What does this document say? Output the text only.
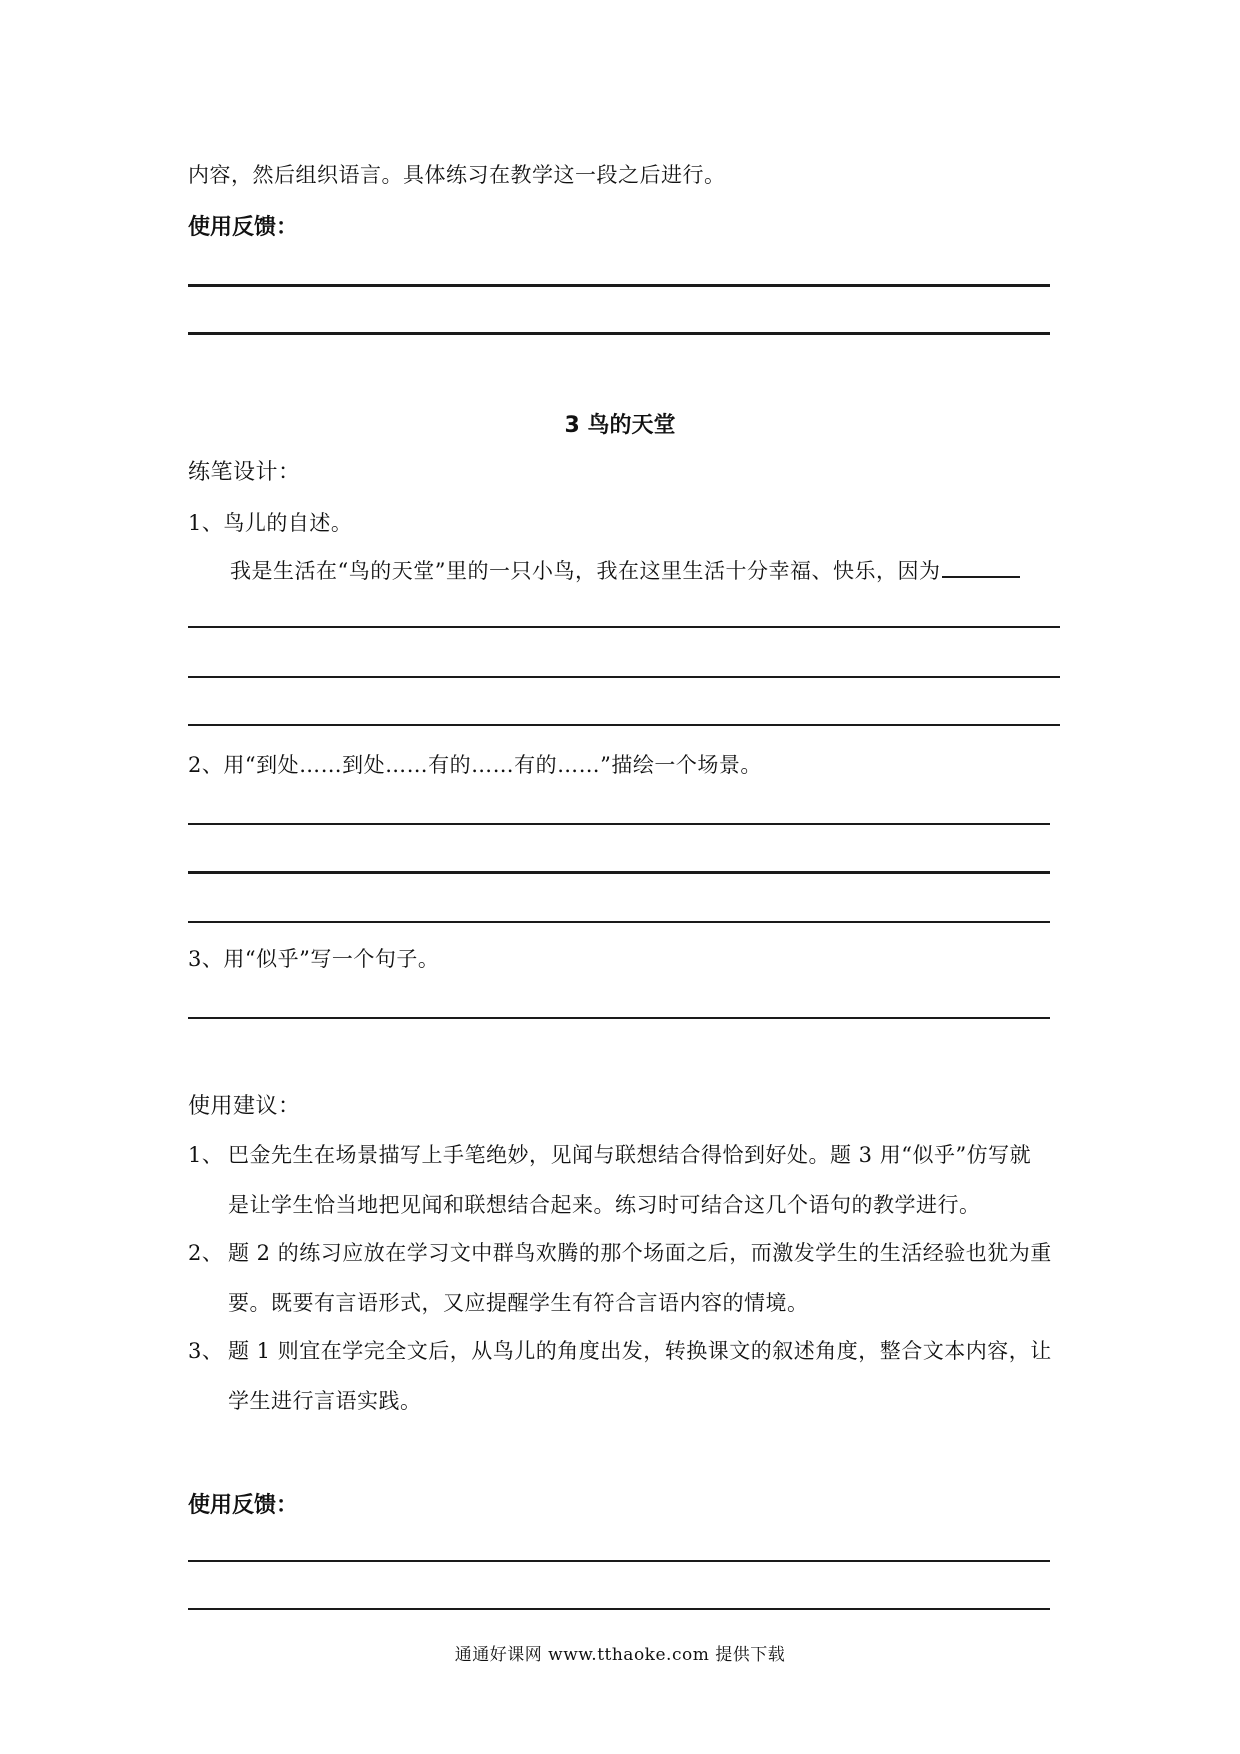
内容，然后组织语言。具体练习在教学这一段之后进行。
使用反馈：
3 鸟的天堂
练笔设计：
1、鸟儿的自述。
我是生活在“鸟的天堂”里的一只小鸟，我在这里生活十分幸福、快乐，因为
2、用“到处……到处……有的……有的……”描绘一个场景。
3、用“似乎”写一个句子。
使用建议：
1、 巴金先生在场景描写上手笔绝妙，见闻与联想结合得恰到好处。题 3 用“似乎”仿写就
是让学生恰当地把见闻和联想结合起来。练习时可结合这几个语句的教学进行。
2、 题 2 的练习应放在学习文中群鸟欢腾的那个场面之后，而激发学生的生活经验也犹为重
要。既要有言语形式，又应提醒学生有符合言语内容的情境。
3、 题 1 则宜在学完全文后，从鸟儿的角度出发，转换课文的叙述角度，整合文本内容，让
学生进行言语实践。
使用反馈：
通通好课网 www.tthaoke.com 提供下载
